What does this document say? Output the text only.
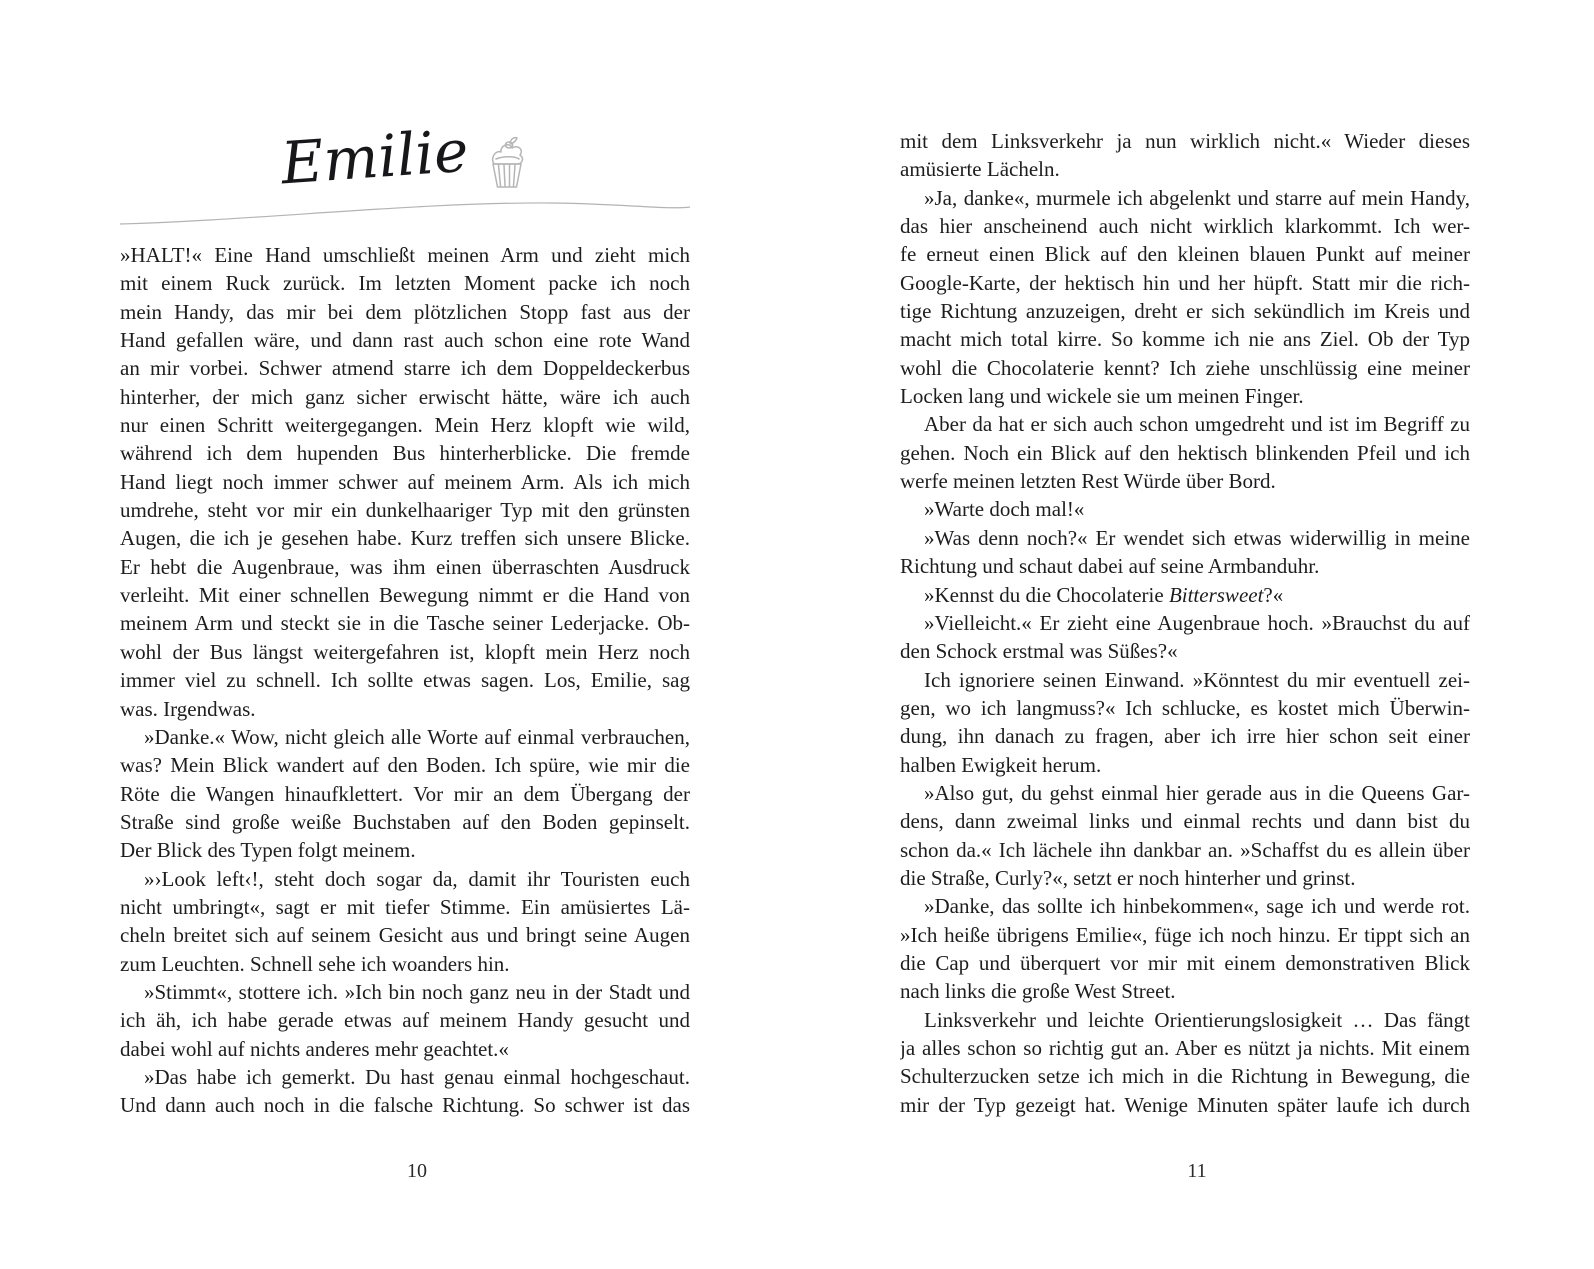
Emilie
»HALT!« Eine Hand umschließt meinen Arm und zieht mich
mit einem Ruck zurück. Im letzten Moment packe ich noch
mein Handy, das mir bei dem plötzlichen Stopp fast aus der
Hand gefallen wäre, und dann rast auch schon eine rote Wand
an mir vorbei. Schwer atmend starre ich dem Doppeldeckerbus
hinterher, der mich ganz sicher erwischt hätte, wäre ich auch
nur einen Schritt weitergegangen. Mein Herz klopft wie wild,
während ich dem hupenden Bus hinterherblicke. Die fremde
Hand liegt noch immer schwer auf meinem Arm. Als ich mich
umdrehe, steht vor mir ein dunkelhaariger Typ mit den grünsten
Augen, die ich je gesehen habe. Kurz treffen sich unsere Blicke.
Er hebt die Augenbraue, was ihm einen überraschten Ausdruck
verleiht. Mit einer schnellen Bewegung nimmt er die Hand von
meinem Arm und steckt sie in die Tasche seiner Lederjacke. Ob-
wohl der Bus längst weitergefahren ist, klopft mein Herz noch
immer viel zu schnell. Ich sollte etwas sagen. Los, Emilie, sag
was. Irgendwas.
»Danke.« Wow, nicht gleich alle Worte auf einmal verbrauchen,
was? Mein Blick wandert auf den Boden. Ich spüre, wie mir die
Röte die Wangen hinaufklettert. Vor mir an dem Übergang der
Straße sind große weiße Buchstaben auf den Boden gepinselt.
Der Blick des Typen folgt meinem.
»›Look left‹!, steht doch sogar da, damit ihr Touristen euch
nicht umbringt«, sagt er mit tiefer Stimme. Ein amüsiertes Lä-
cheln breitet sich auf seinem Gesicht aus und bringt seine Augen
zum Leuchten. Schnell sehe ich woanders hin.
»Stimmt«, stottere ich. »Ich bin noch ganz neu in der Stadt und
ich äh, ich habe gerade etwas auf meinem Handy gesucht und
dabei wohl auf nichts anderes mehr geachtet.«
»Das habe ich gemerkt. Du hast genau einmal hochgeschaut.
Und dann auch noch in die falsche Richtung. So schwer ist das
10
mit dem Linksverkehr ja nun wirklich nicht.« Wieder dieses
amüsierte Lächeln.
»Ja, danke«, murmele ich abgelenkt und starre auf mein Handy,
das hier anscheinend auch nicht wirklich klarkommt. Ich wer-
fe erneut einen Blick auf den kleinen blauen Punkt auf meiner
Google-Karte, der hektisch hin und her hüpft. Statt mir die rich-
tige Richtung anzuzeigen, dreht er sich sekündlich im Kreis und
macht mich total kirre. So komme ich nie ans Ziel. Ob der Typ
wohl die Chocolaterie kennt? Ich ziehe unschlüssig eine meiner
Locken lang und wickele sie um meinen Finger.
Aber da hat er sich auch schon umgedreht und ist im Begriff zu
gehen. Noch ein Blick auf den hektisch blinkenden Pfeil und ich
werfe meinen letzten Rest Würde über Bord.
»Warte doch mal!«
»Was denn noch?« Er wendet sich etwas widerwillig in meine
Richtung und schaut dabei auf seine Armbanduhr.
»Kennst du die Chocolaterie Bittersweet?«
»Vielleicht.« Er zieht eine Augenbraue hoch. »Brauchst du auf
den Schock erstmal was Süßes?«
Ich ignoriere seinen Einwand. »Könntest du mir eventuell zei-
gen, wo ich langmuss?« Ich schlucke, es kostet mich Überwin-
dung, ihn danach zu fragen, aber ich irre hier schon seit einer
halben Ewigkeit herum.
»Also gut, du gehst einmal hier gerade aus in die Queens Gar-
dens, dann zweimal links und einmal rechts und dann bist du
schon da.« Ich lächele ihn dankbar an. »Schaffst du es allein über
die Straße, Curly?«, setzt er noch hinterher und grinst.
»Danke, das sollte ich hinbekommen«, sage ich und werde rot.
»Ich heiße übrigens Emilie«, füge ich noch hinzu. Er tippt sich an
die Cap und überquert vor mir mit einem demonstrativen Blick
nach links die große West Street.
Linksverkehr und leichte Orientierungslosigkeit … Das fängt
ja alles schon so richtig gut an. Aber es nützt ja nichts. Mit einem
Schulterzucken setze ich mich in die Richtung in Bewegung, die
mir der Typ gezeigt hat. Wenige Minuten später laufe ich durch
11
